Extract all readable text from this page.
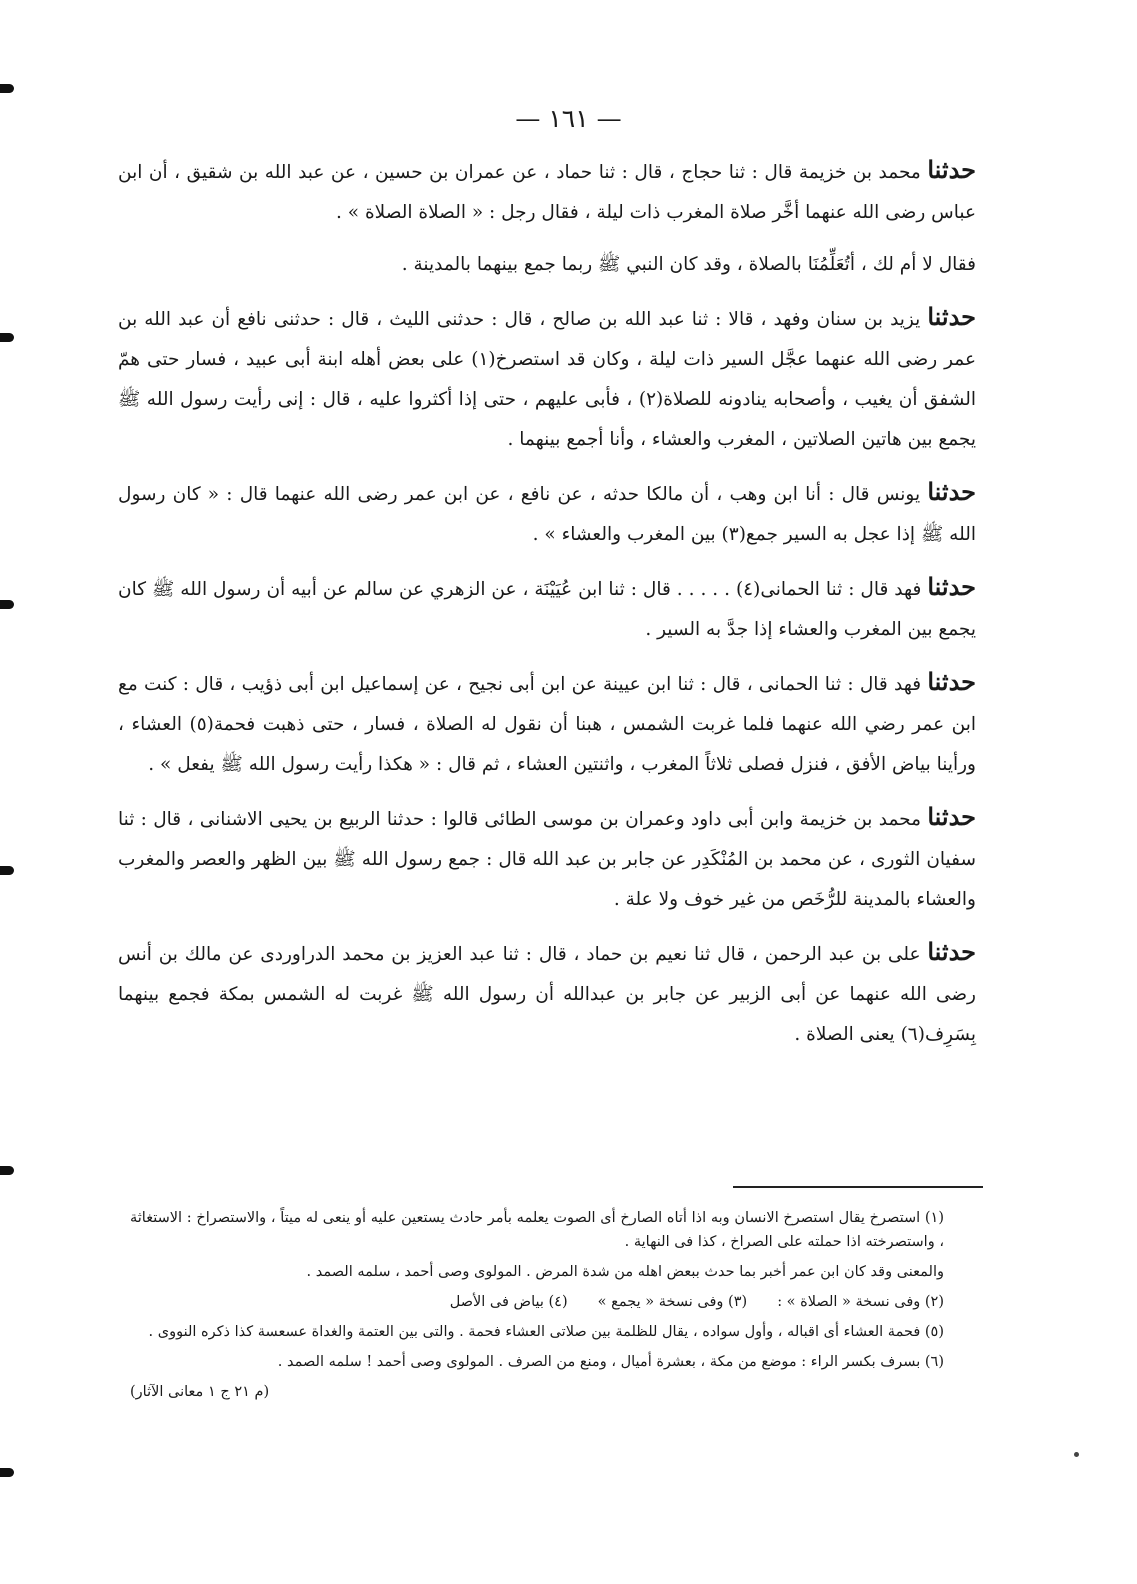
— ١٦١ —

حدثنا محمد بن خزيمة قال : ثنا حجاج ، قال : ثنا حماد ، عن عمران بن حسين ، عن عبد الله بن شقيق ، أن ابن عباس رضى الله عنهما أخَّر صلاة المغرب ذات ليلة ، فقال رجل : « الصلاة الصلاة » .

فقال لا أم لك ، أتُعَلِّمُنَا بالصلاة ، وقد كان النبي ﷺ ربما جمع بينهما بالمدينة .

حدثنا يزيد بن سنان وفهد ، قالا : ثنا عبد الله بن صالح ، قال : حدثنى الليث ، قال : حدثنى نافع أن عبد الله بن عمر رضى الله عنهما عجَّل السير ذات ليلة ، وكان قد استصرخ(١) على بعض أهله ابنة أبى عبيد ، فسار حتى همّ الشفق أن يغيب ، وأصحابه ينادونه للصلاة(٢) ، فأبى عليهم ، حتى إذا أكثروا عليه ، قال : إنى رأيت رسول الله ﷺ يجمع بين هاتين الصلاتين ، المغرب والعشاء ، وأنا أجمع بينهما .

حدثنا يونس قال : أنا ابن وهب ، أن مالكا حدثه ، عن نافع ، عن ابن عمر رضى الله عنهما قال : « كان رسول الله ﷺ إذا عجل به السير جمع(٣) بين المغرب والعشاء » .

حدثنا فهد قال : ثنا الحمانى(٤) . . . . . قال : ثنا ابن عُيَيْنَة ، عن الزهري عن سالم عن أبيه أن رسول الله ﷺ كان يجمع بين المغرب والعشاء إذا جدَّ به السير .

حدثنا فهد قال : ثنا الحمانى ، قال : ثنا ابن عيينة عن ابن أبى نجيح ، عن إسماعيل ابن أبى ذؤيب ، قال : كنت مع ابن عمر رضي الله عنهما فلما غربت الشمس ، هبنا أن نقول له الصلاة ، فسار ، حتى ذهبت فحمة(٥) العشاء ، ورأينا بياض الأفق ، فنزل فصلى ثلاثاً المغرب ، واثنتين العشاء ، ثم قال : « هكذا رأيت رسول الله ﷺ يفعل » .

حدثنا محمد بن خزيمة وابن أبى داود وعمران بن موسى الطائى قالوا : حدثنا الربيع بن يحيى الاشنانى ، قال : ثنا سفيان الثورى ، عن محمد بن المُنْكَدِر عن جابر بن عبد الله قال : جمع رسول الله ﷺ بين الظهر والعصر والمغرب والعشاء بالمدينة للرُّخَص من غير خوف ولا علة .

حدثنا على بن عبد الرحمن ، قال ثنا نعيم بن حماد ، قال : ثنا عبد العزيز بن محمد الدراوردى عن مالك بن أنس رضى الله عنهما عن أبى الزبير عن جابر بن عبدالله أن رسول الله ﷺ غربت له الشمس بمكة فجمع بينهما بِسَرِف(٦) يعنى الصلاة .

(١) استصرخ يقال استصرخ الانسان وبه اذا أتاه الصارخ أى الصوت يعلمه بأمر حادث يستعين عليه أو ينعى له ميتاً ، والاستصراخ : الاستغاثة ، واستصرخته اذا حملته على الصراخ ، كذا فى النهاية .

والمعنى وقد كان ابن عمر أخبر بما حدث ببعض اهله من شدة المرض . المولوى وصى أحمد ، سلمه الصمد .

(٢) وفى نسخة « الصلاة » :
(٣) وفى نسخة « يجمع »
(٤) بياض فى الأصل

(٥) فحمة العشاء أى اقباله ، وأول سواده ، يقال للظلمة بين صلاتى العشاء فحمة . والتى بين العتمة والغداة عسعسة كذا ذكره النووى .

(٦) بسرف بكسر الراء : موضع من مكة ، بعشرة أميال ، ومنع من الصرف . المولوى وصى أحمد ! سلمه الصمد .

(م ٢١ ج ١ معانى الآثار)
